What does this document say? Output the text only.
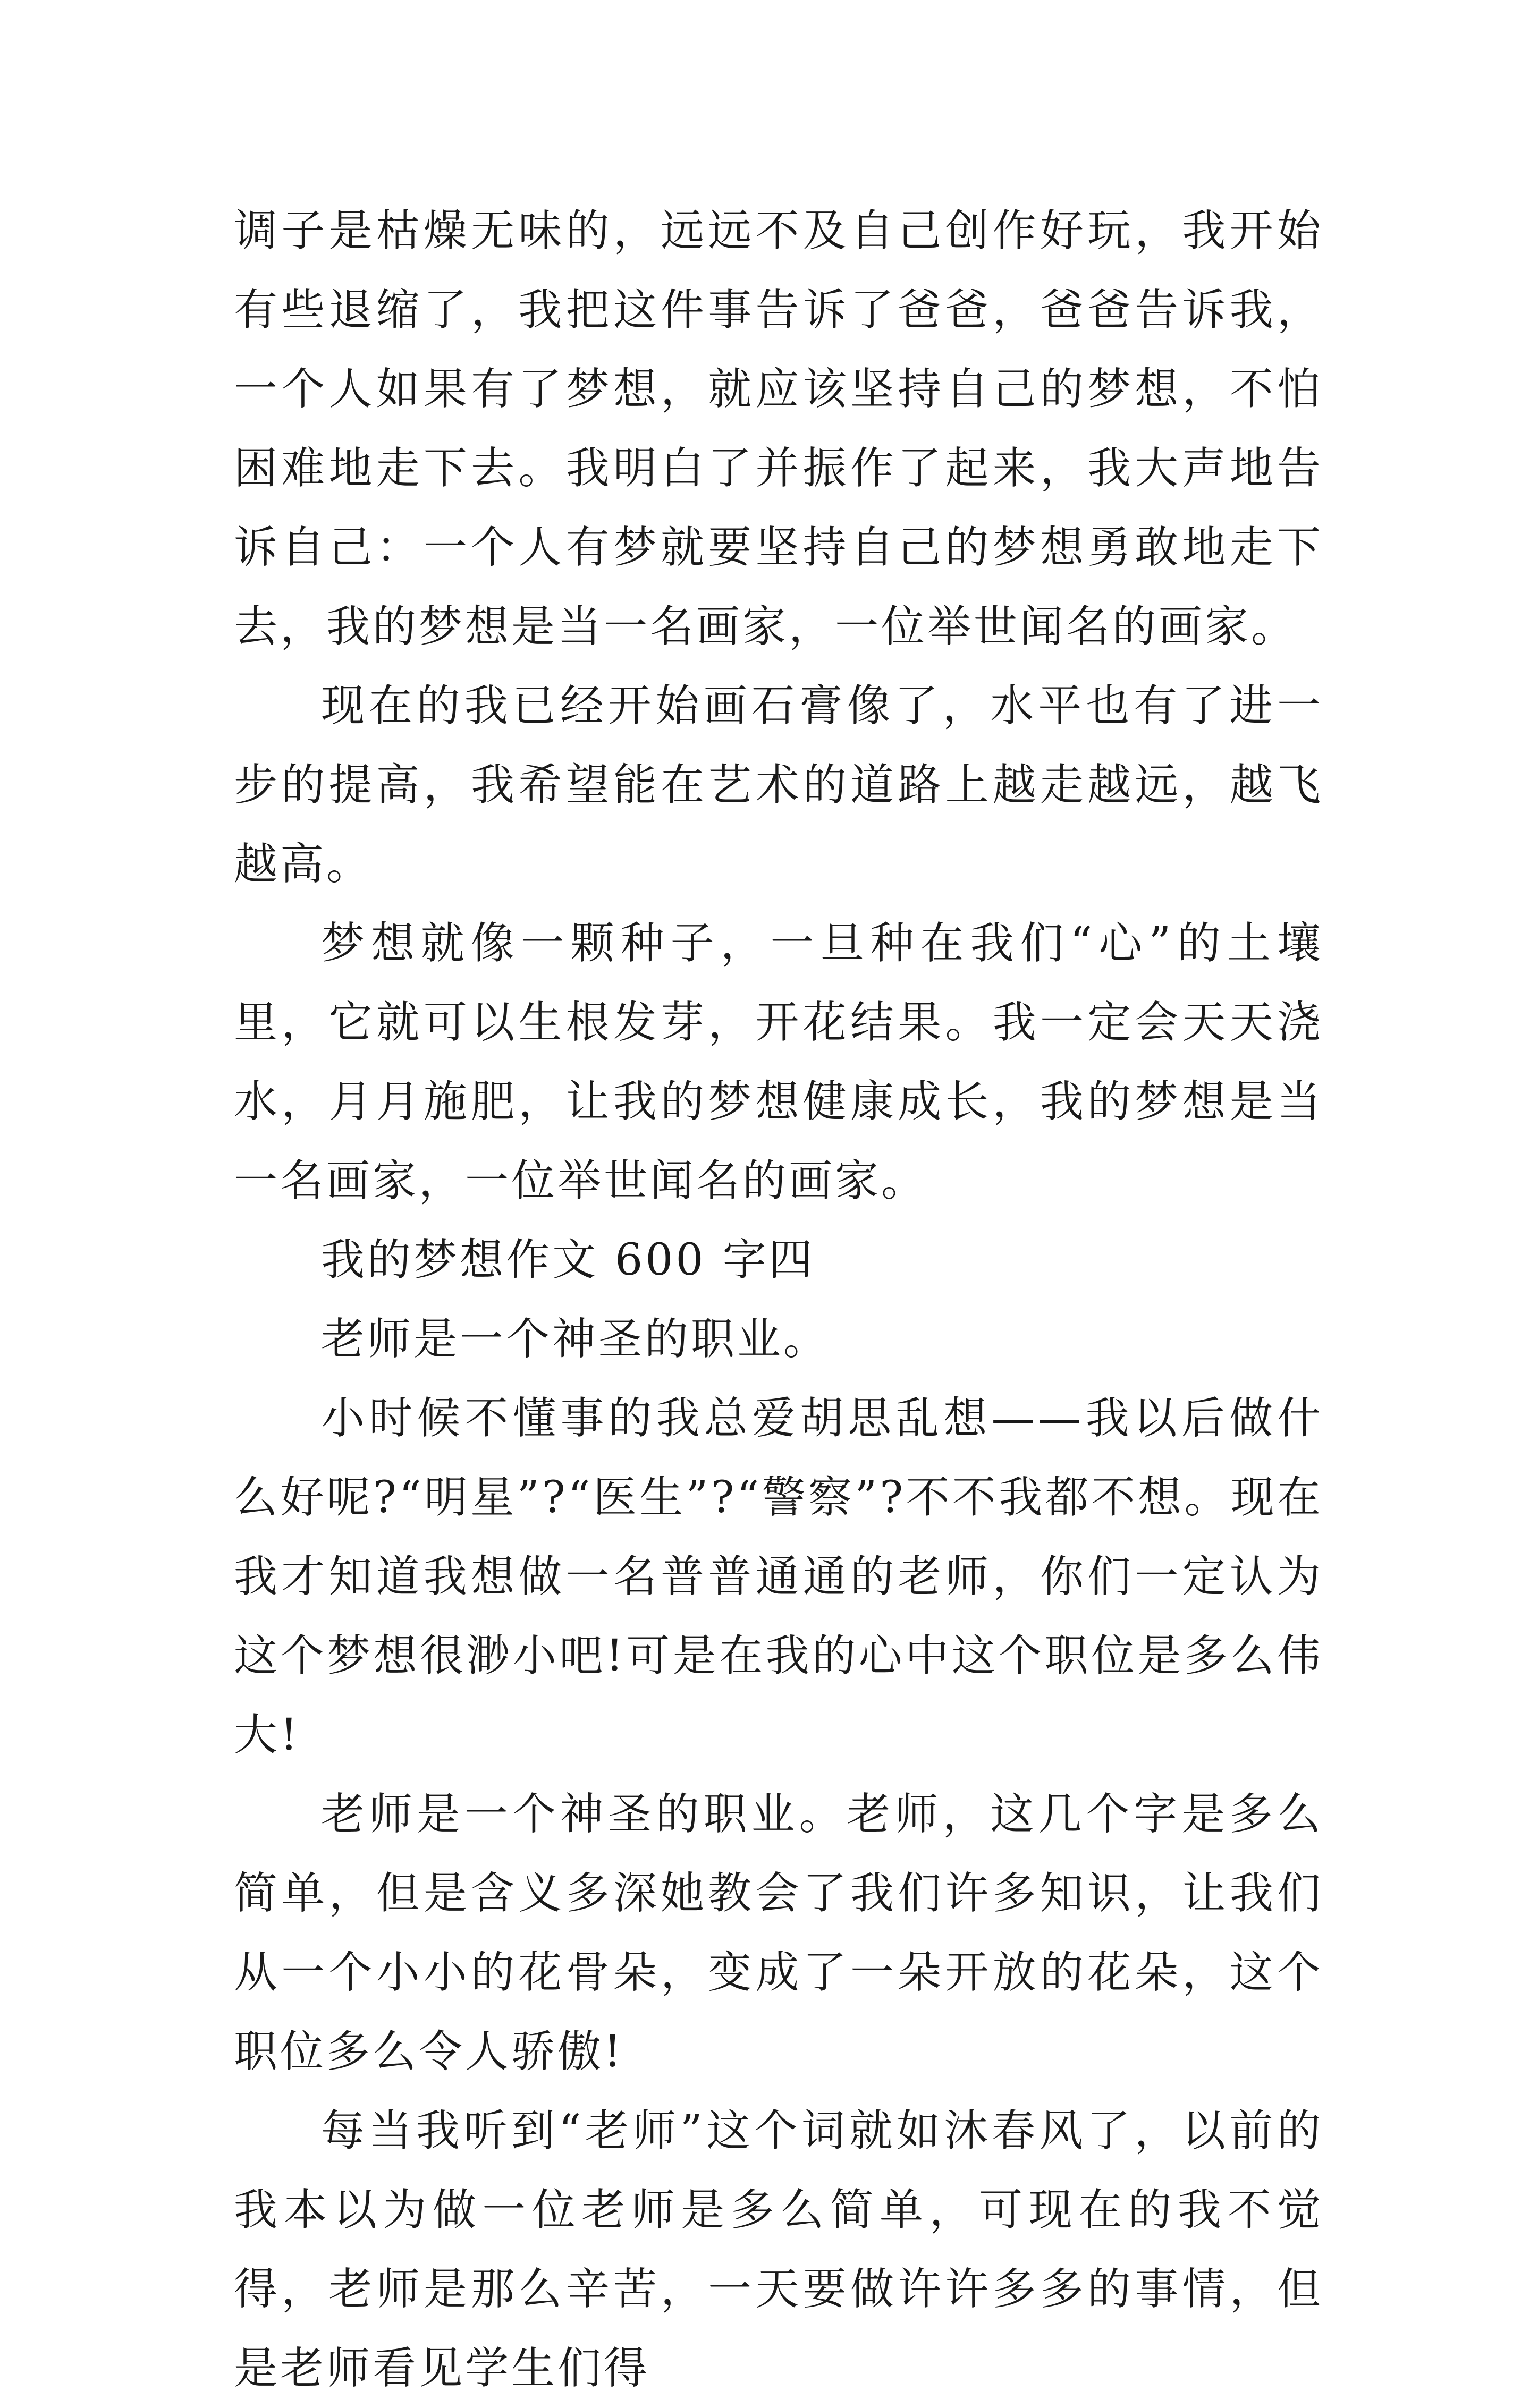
调子是枯燥无味的，远远不及自己创作好玩，我开始有些退缩了，我把这件事告诉了爸爸，爸爸告诉我，一个人如果有了梦想，就应该坚持自己的梦想，不怕困难地走下去。我明白了并振作了起来，我大声地告诉自己：一个人有梦就要坚持自己的梦想勇敢地走下去，我的梦想是当一名画家，一位举世闻名的画家。

现在的我已经开始画石膏像了，水平也有了进一步的提高，我希望能在艺术的道路上越走越远，越飞越高。

梦想就像一颗种子，一旦种在我们“心”的土壤里，它就可以生根发芽，开花结果。我一定会天天浇水，月月施肥，让我的梦想健康成长，我的梦想是当一名画家，一位举世闻名的画家。

我的梦想作文 600 字四

老师是一个神圣的职业。

小时候不懂事的我总爱胡思乱想——我以后做什么好呢?“明星”?“医生”?“警察”?不不我都不想。现在我才知道我想做一名普普通通的老师，你们一定认为这个梦想很渺小吧!可是在我的心中这个职位是多么伟大!

老师是一个神圣的职业。老师，这几个字是多么简单，但是含义多深她教会了我们许多知识，让我们从一个小小的花骨朵，变成了一朵开放的花朵，这个职位多么令人骄傲!

每当我听到“老师”这个词就如沐春风了，以前的我本以为做一位老师是多么简单，可现在的我不觉得，老师是那么辛苦，一天要做许许多多的事情，但是老师看见学生们得
